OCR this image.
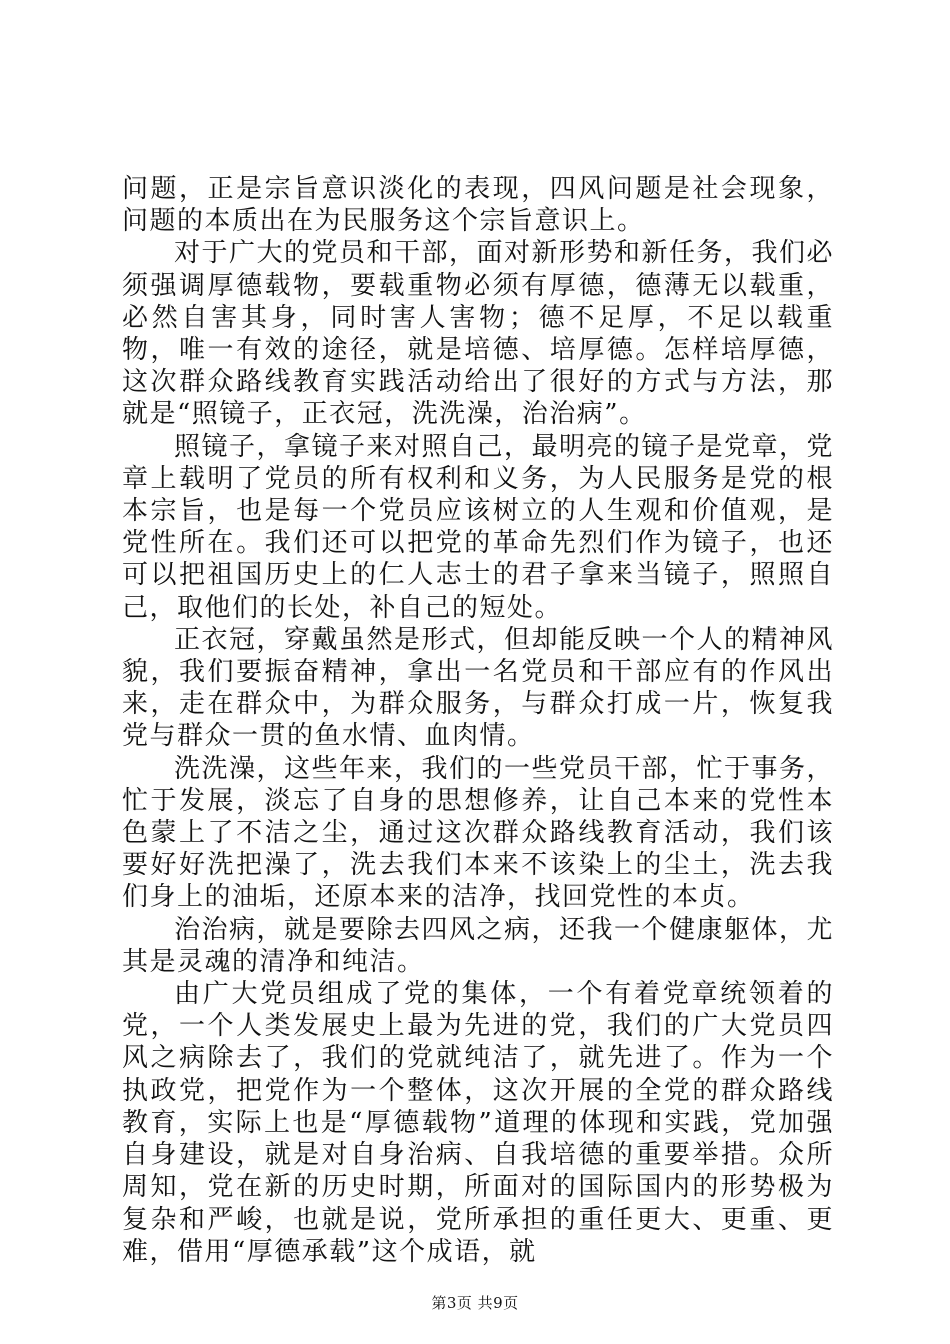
问题，正是宗旨意识淡化的表现，四风问题是社会现象，问题的本质出在为民服务这个宗旨意识上。

对于广大的党员和干部，面对新形势和新任务，我们必须强调厚德载物，要载重物必须有厚德，德薄无以载重，必然自害其身，同时害人害物；德不足厚，不足以载重物，唯一有效的途径，就是培德、培厚德。怎样培厚德，这次群众路线教育实践活动给出了很好的方式与方法，那就是“照镜子，正衣冠，洗洗澡，治治病”。

照镜子，拿镜子来对照自己，最明亮的镜子是党章，党章上载明了党员的所有权利和义务，为人民服务是党的根本宗旨，也是每一个党员应该树立的人生观和价值观，是党性所在。我们还可以把党的革命先烈们作为镜子，也还可以把祖国历史上的仁人志士的君子拿来当镜子，照照自己，取他们的长处，补自己的短处。

正衣冠，穿戴虽然是形式，但却能反映一个人的精神风貌，我们要振奋精神，拿出一名党员和干部应有的作风出来，走在群众中，为群众服务，与群众打成一片，恢复我党与群众一贯的鱼水情、血肉情。

洗洗澡，这些年来，我们的一些党员干部，忙于事务，忙于发展，淡忘了自身的思想修养，让自己本来的党性本色蒙上了不洁之尘，通过这次群众路线教育活动，我们该要好好洗把澡了，洗去我们本来不该染上的尘土，洗去我们身上的油垢，还原本来的洁净，找回党性的本贞。

治治病，就是要除去四风之病，还我一个健康躯体，尤其是灵魂的清净和纯洁。

由广大党员组成了党的集体，一个有着党章统领着的党，一个人类发展史上最为先进的党，我们的广大党员四风之病除去了，我们的党就纯洁了，就先进了。作为一个执政党，把党作为一个整体，这次开展的全党的群众路线教育，实际上也是“厚德载物”道理的体现和实践，党加强自身建设，就是对自身治病、自我培德的重要举措。众所周知，党在新的历史时期，所面对的国际国内的形势极为复杂和严峻，也就是说，党所承担的重任更大、更重、更难，借用“厚德承载”这个成语，就

第3页 共9页
